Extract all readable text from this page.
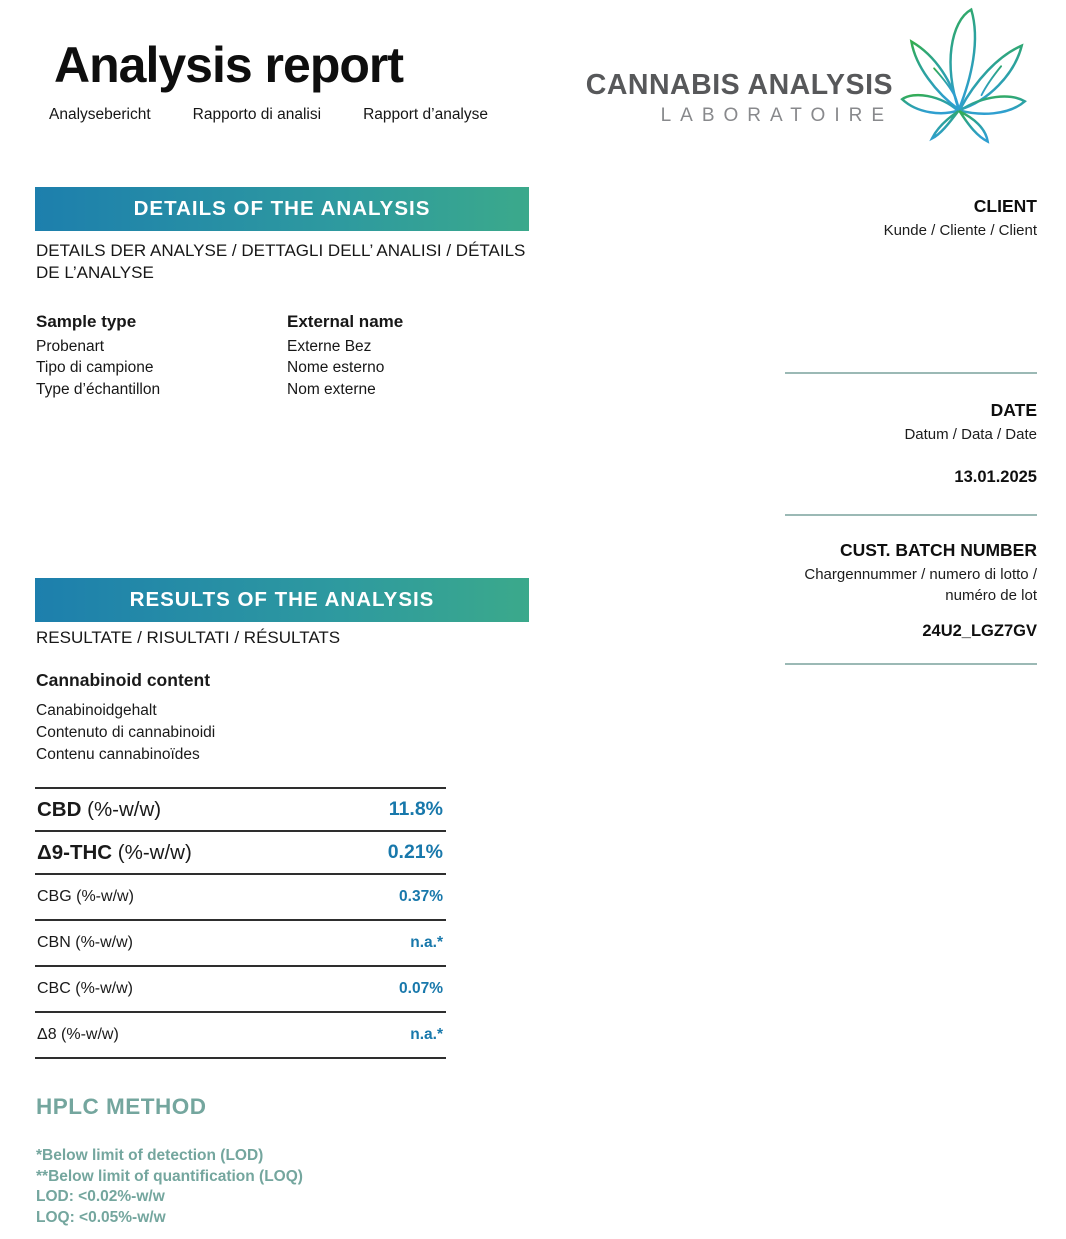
Analysis report
Analysebericht	Rapporto di analisi	Rapport d’analyse
CANNABIS ANALYSIS
LABORATOIRE
DETAILS OF THE ANALYSIS
DETAILS DER ANALYSE / DETTAGLI DELL’ ANALISI / DÉTAILS DE L’ANALYSE
Sample type
Probenart
Tipo di campione
Type d’échantillon
External name
Externe Bez
Nome esterno
Nom externe
CLIENT
Kunde / Cliente / Client
DATE
Datum / Data / Date
13.01.2025
CUST. BATCH NUMBER
Chargennummer / numero di lotto / numéro de lot
24U2_LGZ7GV
RESULTS OF THE ANALYSIS
RESULTATE / RISULTATI / RÉSULTATS
Cannabinoid content
Canabinoidgehalt
Contenuto di cannabinoidi
Contenu cannabinoïdes
CBD (%-w/w)	11.8%
Δ9-THC (%-w/w)	0.21%
CBG (%-w/w)	0.37%
CBN (%-w/w)	n.a.*
CBC (%-w/w)	0.07%
Δ8 (%-w/w)	n.a.*
HPLC METHOD
*Below limit of detection (LOD)
**Below limit of quantification (LOQ)
LOD: <0.02%-w/w
LOQ: <0.05%-w/w
